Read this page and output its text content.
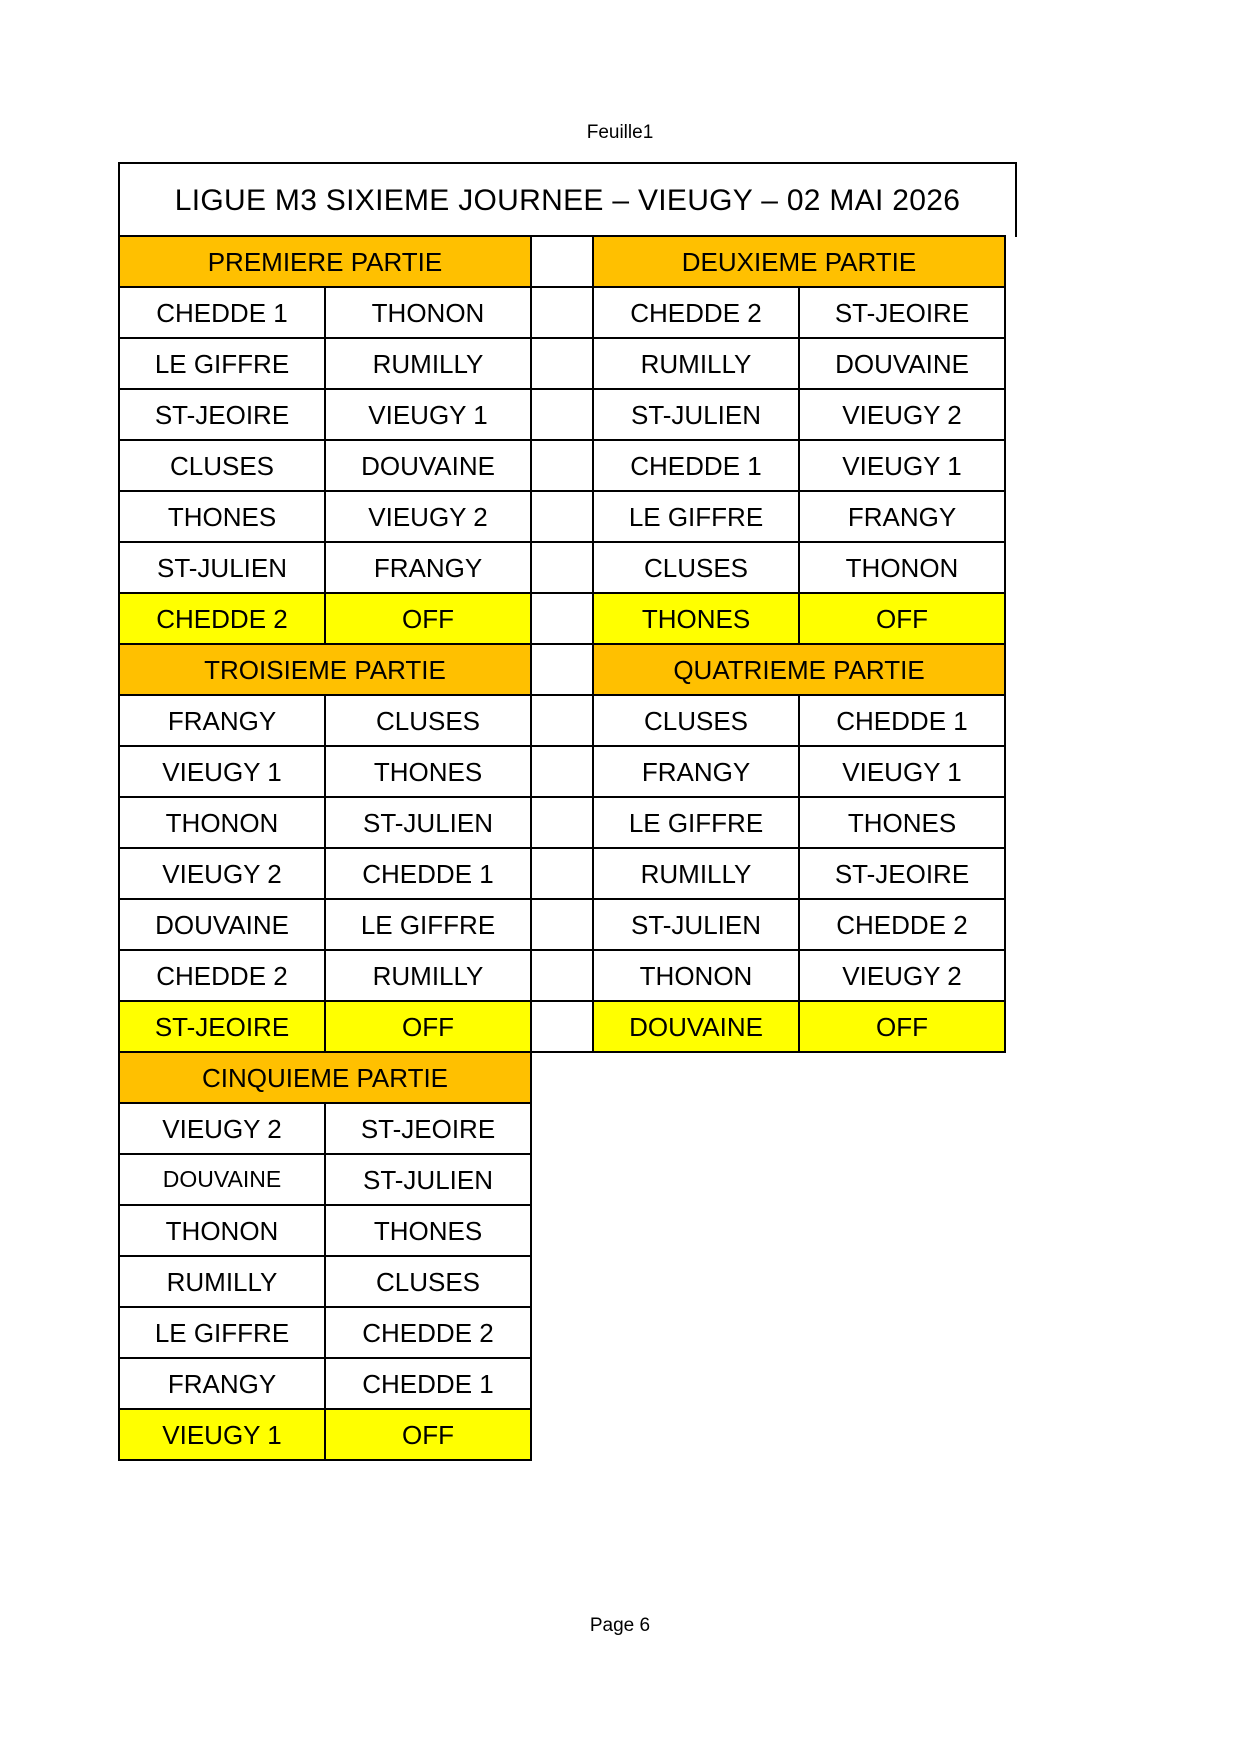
Feuille1
LIGUE M3 SIXIEME JOURNEE – VIEUGY – 02 MAI 2026
PREMIERE PARTIE			DEUXIEME PARTIE	
CHEDDE 1	THONON		CHEDDE 2	ST-JEOIRE
LE GIFFRE	RUMILLY		RUMILLY	DOUVAINE
ST-JEOIRE	VIEUGY 1		ST-JULIEN	VIEUGY 2
CLUSES	DOUVAINE		CHEDDE 1	VIEUGY 1
THONES	VIEUGY 2		LE GIFFRE	FRANGY
ST-JULIEN	FRANGY		CLUSES	THONON
CHEDDE 2	OFF		THONES	OFF
TROISIEME PARTIE			QUATRIEME PARTIE	
FRANGY	CLUSES		CLUSES	CHEDDE 1
VIEUGY 1	THONES		FRANGY	VIEUGY 1
THONON	ST-JULIEN		LE GIFFRE	THONES
VIEUGY 2	CHEDDE 1		RUMILLY	ST-JEOIRE
DOUVAINE	LE GIFFRE		ST-JULIEN	CHEDDE 2
CHEDDE 2	RUMILLY		THONON	VIEUGY 2
ST-JEOIRE	OFF		DOUVAINE	OFF
CINQUIEME PARTIE				
VIEUGY 2	ST-JEOIRE			
DOUVAINE	ST-JULIEN			
THONON	THONES			
RUMILLY	CLUSES			
LE GIFFRE	CHEDDE 2			
FRANGY	CHEDDE 1			
VIEUGY 1	OFF			
Page 6
